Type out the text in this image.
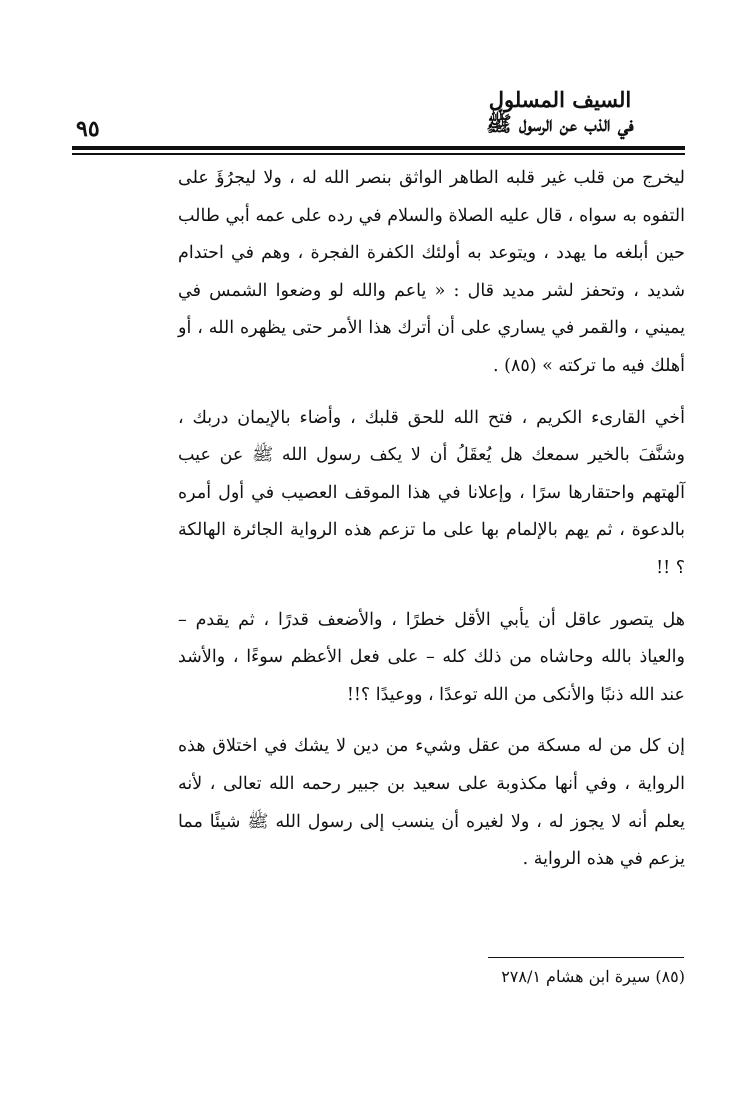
السيف المسلول
في الذب عن الرسول ﷺ
٩٥

ليخرج من قلب غير قلبه الطاهر الواثق بنصر الله له ، ولا ليجرُؤَ على التفوه به سواه ، قال عليه الصلاة والسلام في رده على عمه أبي طالب حين أبلغه ما يهدد ، ويتوعد به أولئك الكفرة الفجرة ، وهم في احتدام شديد ، وتحفز لشر مديد قال : « ياعم والله لو وضعوا الشمس في يميني ، والقمر في يساري على أن أترك هذا الأمر حتى يظهره الله ، أو أهلك فيه ما تركته » (٨٥) .

أخي القارىء الكريم ، فتح الله للحق قلبك ، وأضاء بالإيمان دربك ، وشنَّفَ بالخير سمعك هل يُعقَلُ أن لا يكف رسول الله ﷺ عن عيب آلهتهم واحتقارها سرًا ، وإعلانا في هذا الموقف العصيب في أول أمره بالدعوة ، ثم يهم بالإلمام بها على ما تزعم هذه الرواية الجائرة الهالكة ؟ !!

هل يتصور عاقل أن يأبي الأقل خطرًا ، والأضعف قدرًا ، ثم يقدم – والعياذ بالله وحاشاه من ذلك كله – على فعل الأعظم سوءًا ، والأشد عند الله ذنبًا والأنكى من الله توعدًا ، ووعيدًا ؟!!

إن كل من له مسكة من عقل وشيء من دين لا يشك في اختلاق هذه الرواية ، وفي أنها مكذوبة على سعيد بن جبير رحمه الله تعالى ، لأنه يعلم أنه لا يجوز له ، ولا لغيره أن ينسب إلى رسول الله ﷺ شيئًا مما يزعم في هذه الرواية .

(٨٥) سيرة ابن هشام ٢٧٨/١
